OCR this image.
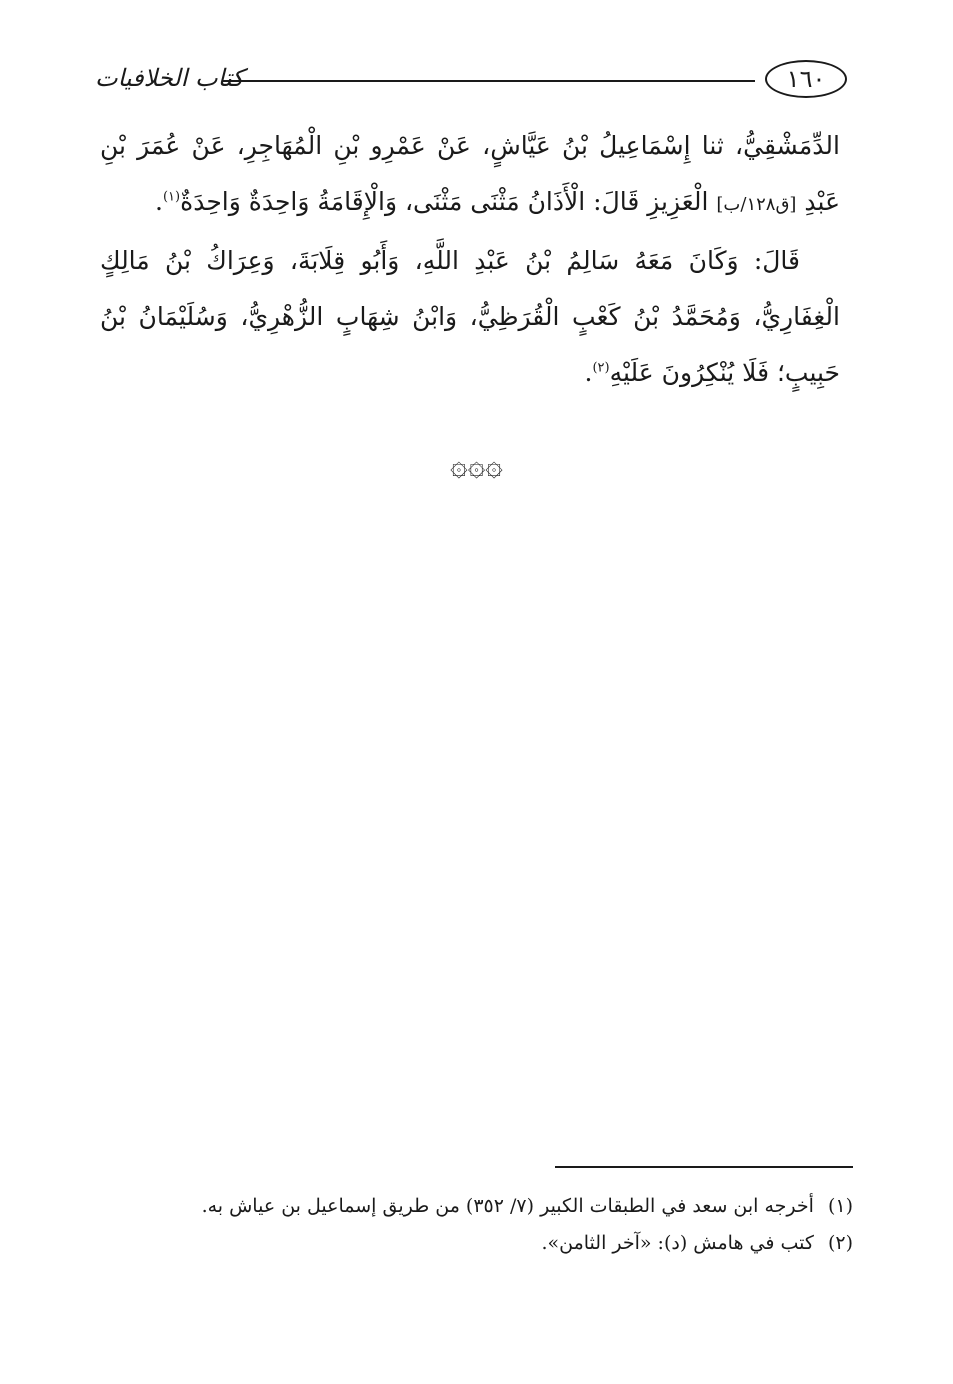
١٦٠
كتاب الخلافيات

الدِّمَشْقِيُّ، ثنا إِسْمَاعِيلُ بْنُ عَيَّاشٍ، عَنْ عَمْرِو بْنِ الْمُهَاجِرِ، عَنْ عُمَرَ بْنِ عَبْدِ [ق١٢٨/ب] الْعَزِيزِ قَالَ: الْأَذَانُ مَثْنَى مَثْنَى، وَالْإِقَامَةُ وَاحِدَةٌ وَاحِدَةٌ$^{(١)}$.

قَالَ: وَكَانَ مَعَهُ سَالِمُ بْنُ عَبْدِ اللَّهِ، وَأَبُو قِلَابَةَ، وَعِرَاكُ بْنُ مَالِكٍ الْغِفَارِيُّ، وَمُحَمَّدُ بْنُ كَعْبٍ الْقُرَظِيُّ، وَابْنُ شِهَابٍ الزُّهْرِيُّ، وَسُلَيْمَانُ بْنُ حَبِيبٍ؛ فَلَا يُنْكِرُونَ عَلَيْهِ$^{(٢)}$.

۞۞۞
(١)
أخرجه ابن سعد في الطبقات الكبير (٧/ ٣٥٢) من طريق إسماعيل بن عياش به.
(٢)
كتب في هامش (د): «آخر الثامن».
